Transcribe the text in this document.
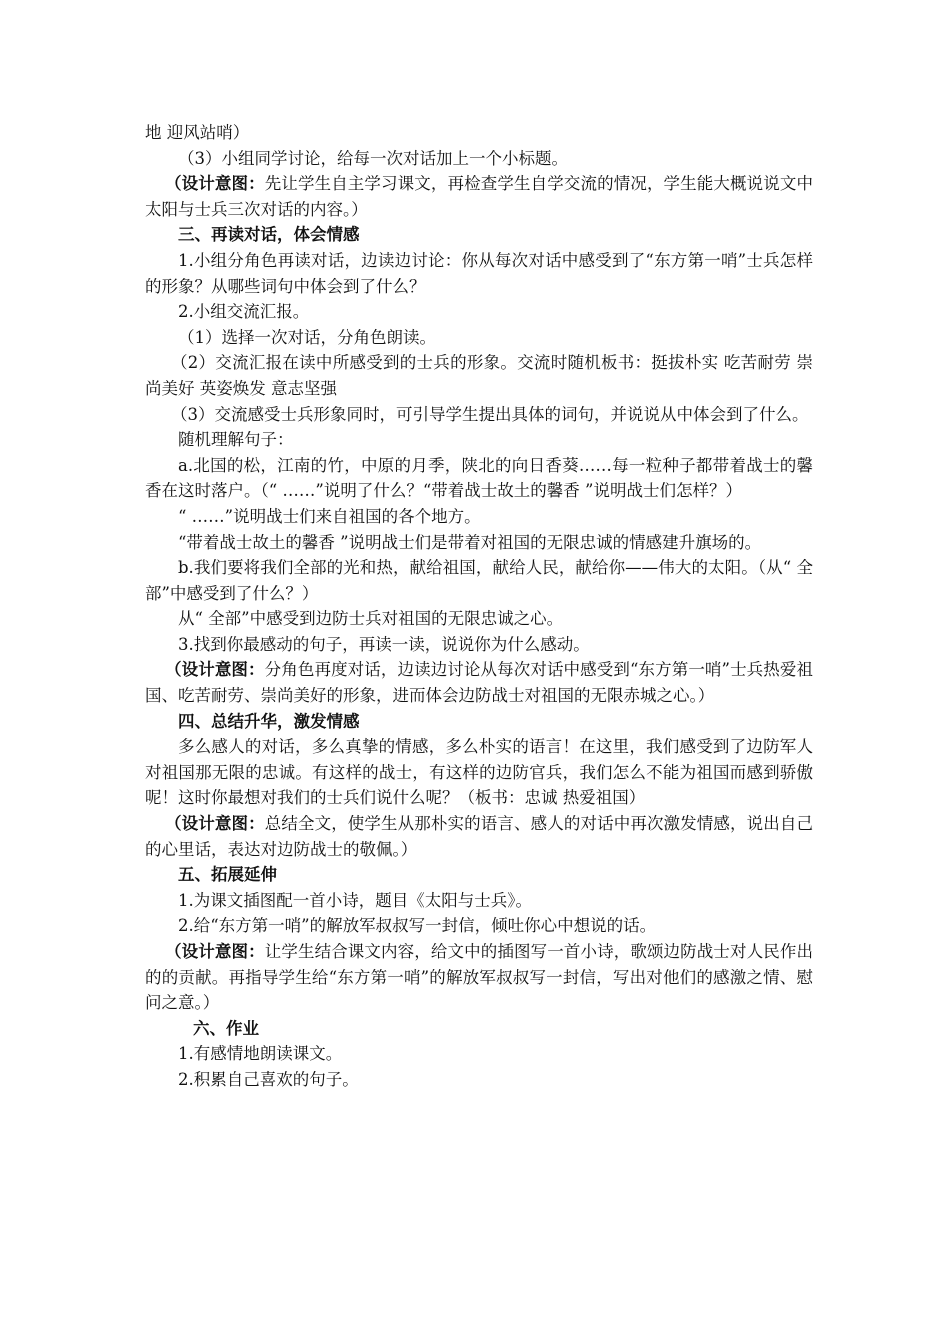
地 迎风站哨）

（3）小组同学讨论，给每一次对话加上一个小标题。

（设计意图：先让学生自主学习课文，再检查学生自学交流的情况，学生能大概说说文中太阳与士兵三次对话的内容。）

三、再读对话，体会情感

1.小组分角色再读对话，边读边讨论：你从每次对话中感受到了“东方第一哨”士兵怎样的形象？从哪些词句中体会到了什么？

2.小组交流汇报。

（1）选择一次对话，分角色朗读。

（2）交流汇报在读中所感受到的士兵的形象。交流时随机板书：挺拔朴实 吃苦耐劳 崇尚美好 英姿焕发 意志坚强

（3）交流感受士兵形象同时，可引导学生提出具体的词句，并说说从中体会到了什么。

随机理解句子：

a.北国的松，江南的竹，中原的月季，陕北的向日香葵……每一粒种子都带着战士的馨香在这时落户。（“ ……”说明了什么？“带着战士故土的馨香 ”说明战士们怎样？）

“ ……”说明战士们来自祖国的各个地方。

“带着战士故土的馨香 ”说明战士们是带着对祖国的无限忠诚的情感建升旗场的。

b.我们要将我们全部的光和热，献给祖国，献给人民，献给你——伟大的太阳。（从“ 全部”中感受到了什么？）

从“ 全部”中感受到边防士兵对祖国的无限忠诚之心。

3.找到你最感动的句子，再读一读，说说你为什么感动。

（设计意图：分角色再度对话，边读边讨论从每次对话中感受到“东方第一哨”士兵热爱祖国、吃苦耐劳、崇尚美好的形象，进而体会边防战士对祖国的无限赤城之心。）

四、总结升华，激发情感

多么感人的对话，多么真挚的情感，多么朴实的语言！在这里，我们感受到了边防军人对祖国那无限的忠诚。有这样的战士，有这样的边防官兵，我们怎么不能为祖国而感到骄傲呢！这时你最想对我们的士兵们说什么呢？（板书：忠诚 热爱祖国）

（设计意图：总结全文，使学生从那朴实的语言、感人的对话中再次激发情感，说出自己的心里话，表达对边防战士的敬佩。）

五、拓展延伸

1.为课文插图配一首小诗，题目《太阳与士兵》。

2.给“东方第一哨”的解放军叔叔写一封信，倾吐你心中想说的话。

（设计意图：让学生结合课文内容，给文中的插图写一首小诗，歌颂边防战士对人民作出的的贡献。再指导学生给“东方第一哨”的解放军叔叔写一封信，写出对他们的感激之情、慰问之意。）

六、作业

1.有感情地朗读课文。

2.积累自己喜欢的句子。
